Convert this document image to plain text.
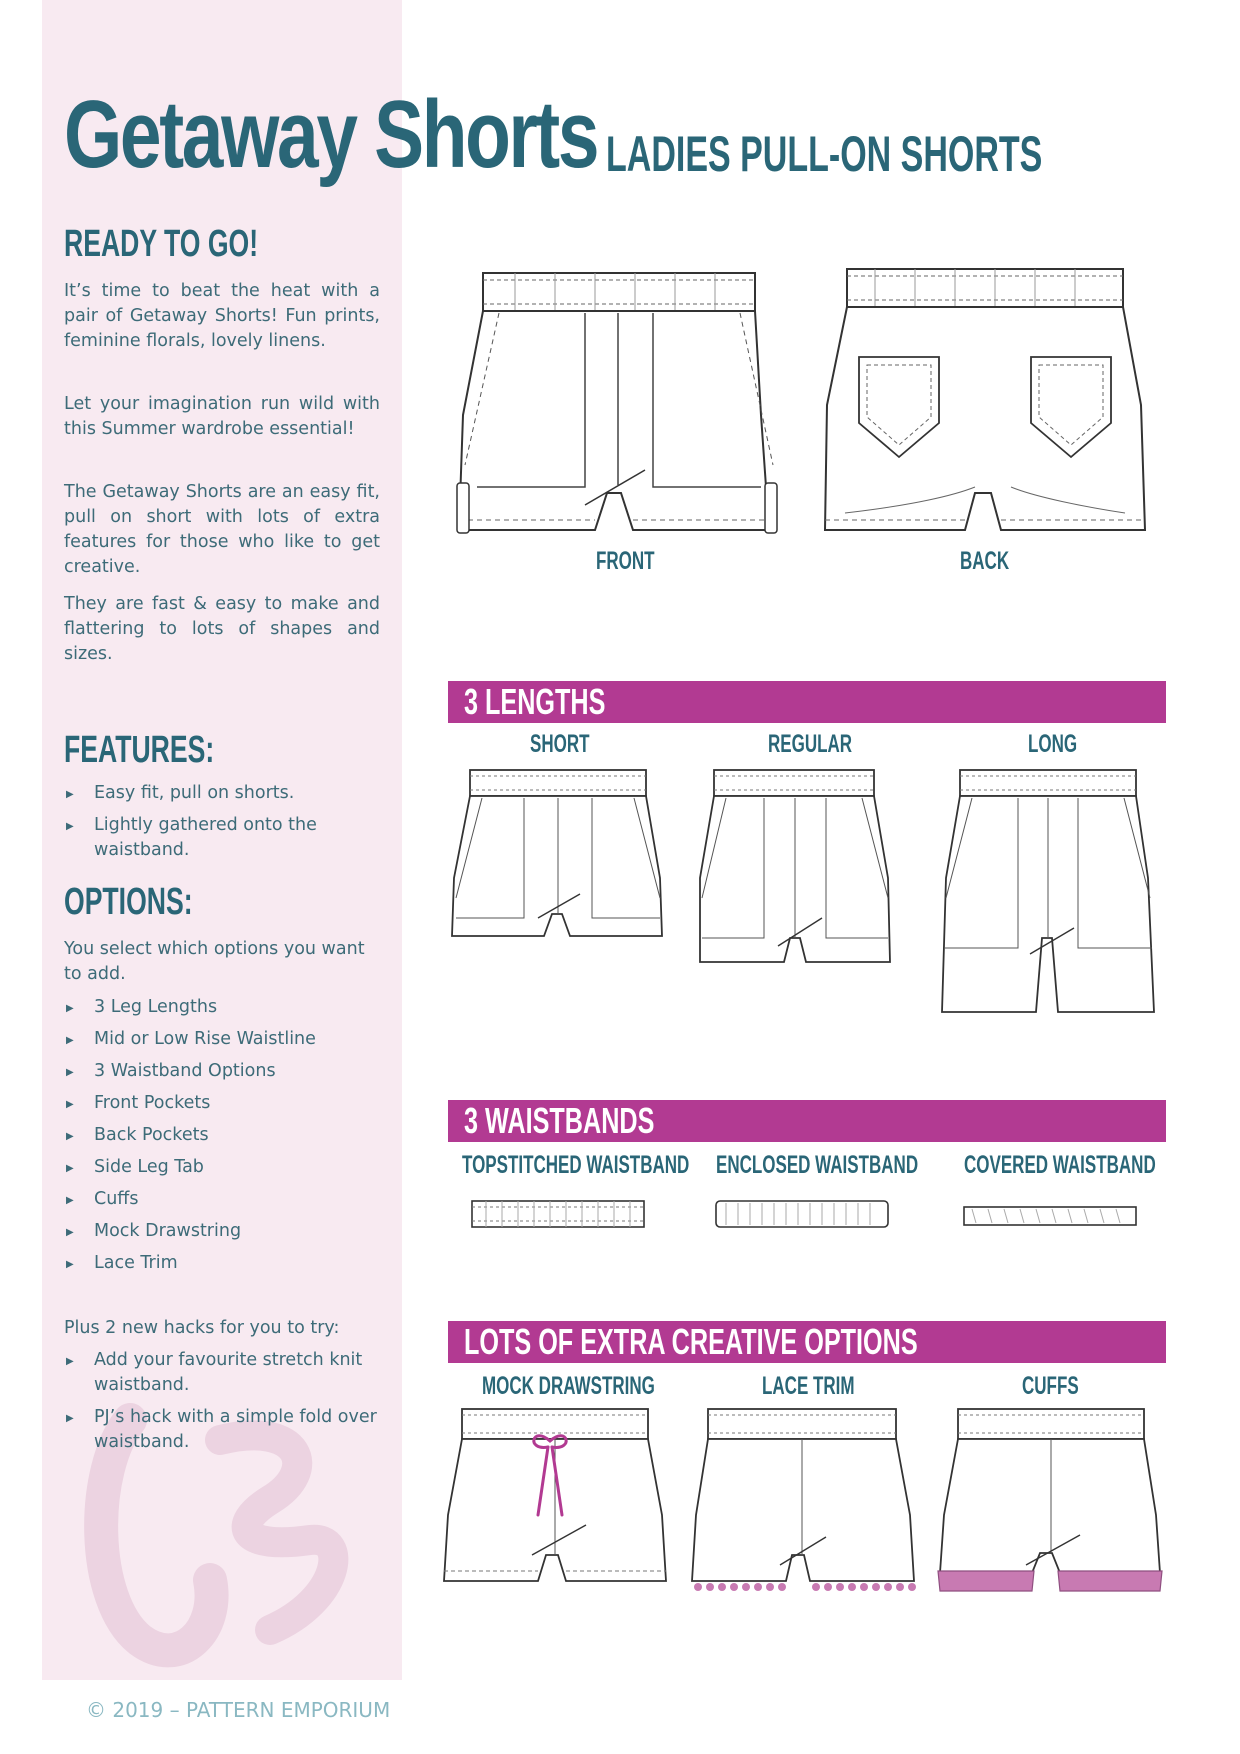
Getaway Shorts LADIES PULL-ON SHORTS
READY TO GO!

It’s time to beat the heat with a pair of Getaway Shorts! Fun prints, feminine florals, lovely linens.

Let your imagination run wild with this Summer wardrobe essential!

The Getaway Shorts are an easy fit, pull on short with lots of extra features for those who like to get creative.

They are fast & easy to make and flattering to lots of shapes and sizes.

FEATURES:
▶ Easy fit, pull on shorts.
▶ Lightly gathered onto the waistband.
OPTIONS:

You select which options you want to add.

▶ 3 Leg Lengths
▶ Mid or Low Rise Waistline
▶ 3 Waistband Options
▶ Front Pockets
▶ Back Pockets
▶ Side Leg Tab
▶ Cuffs
▶ Mock Drawstring
▶ Lace Trim

Plus 2 new hacks for you to try:

▶ Add your favourite stretch knit waistband.
▶ PJ’s hack with a simple fold over waistband.
FRONT	BACK
3 LENGTHS
SHORT	REGULAR	LONG
3 WAISTBANDS
TOPSTITCHED WAISTBAND ENCLOSED WAISTBAND COVERED WAISTBAND
LOTS OF EXTRA CREATIVE OPTIONS
MOCK DRAWSTRING	LACE TRIM	CUFFS
© 2019 – PATTERN EMPORIUM
